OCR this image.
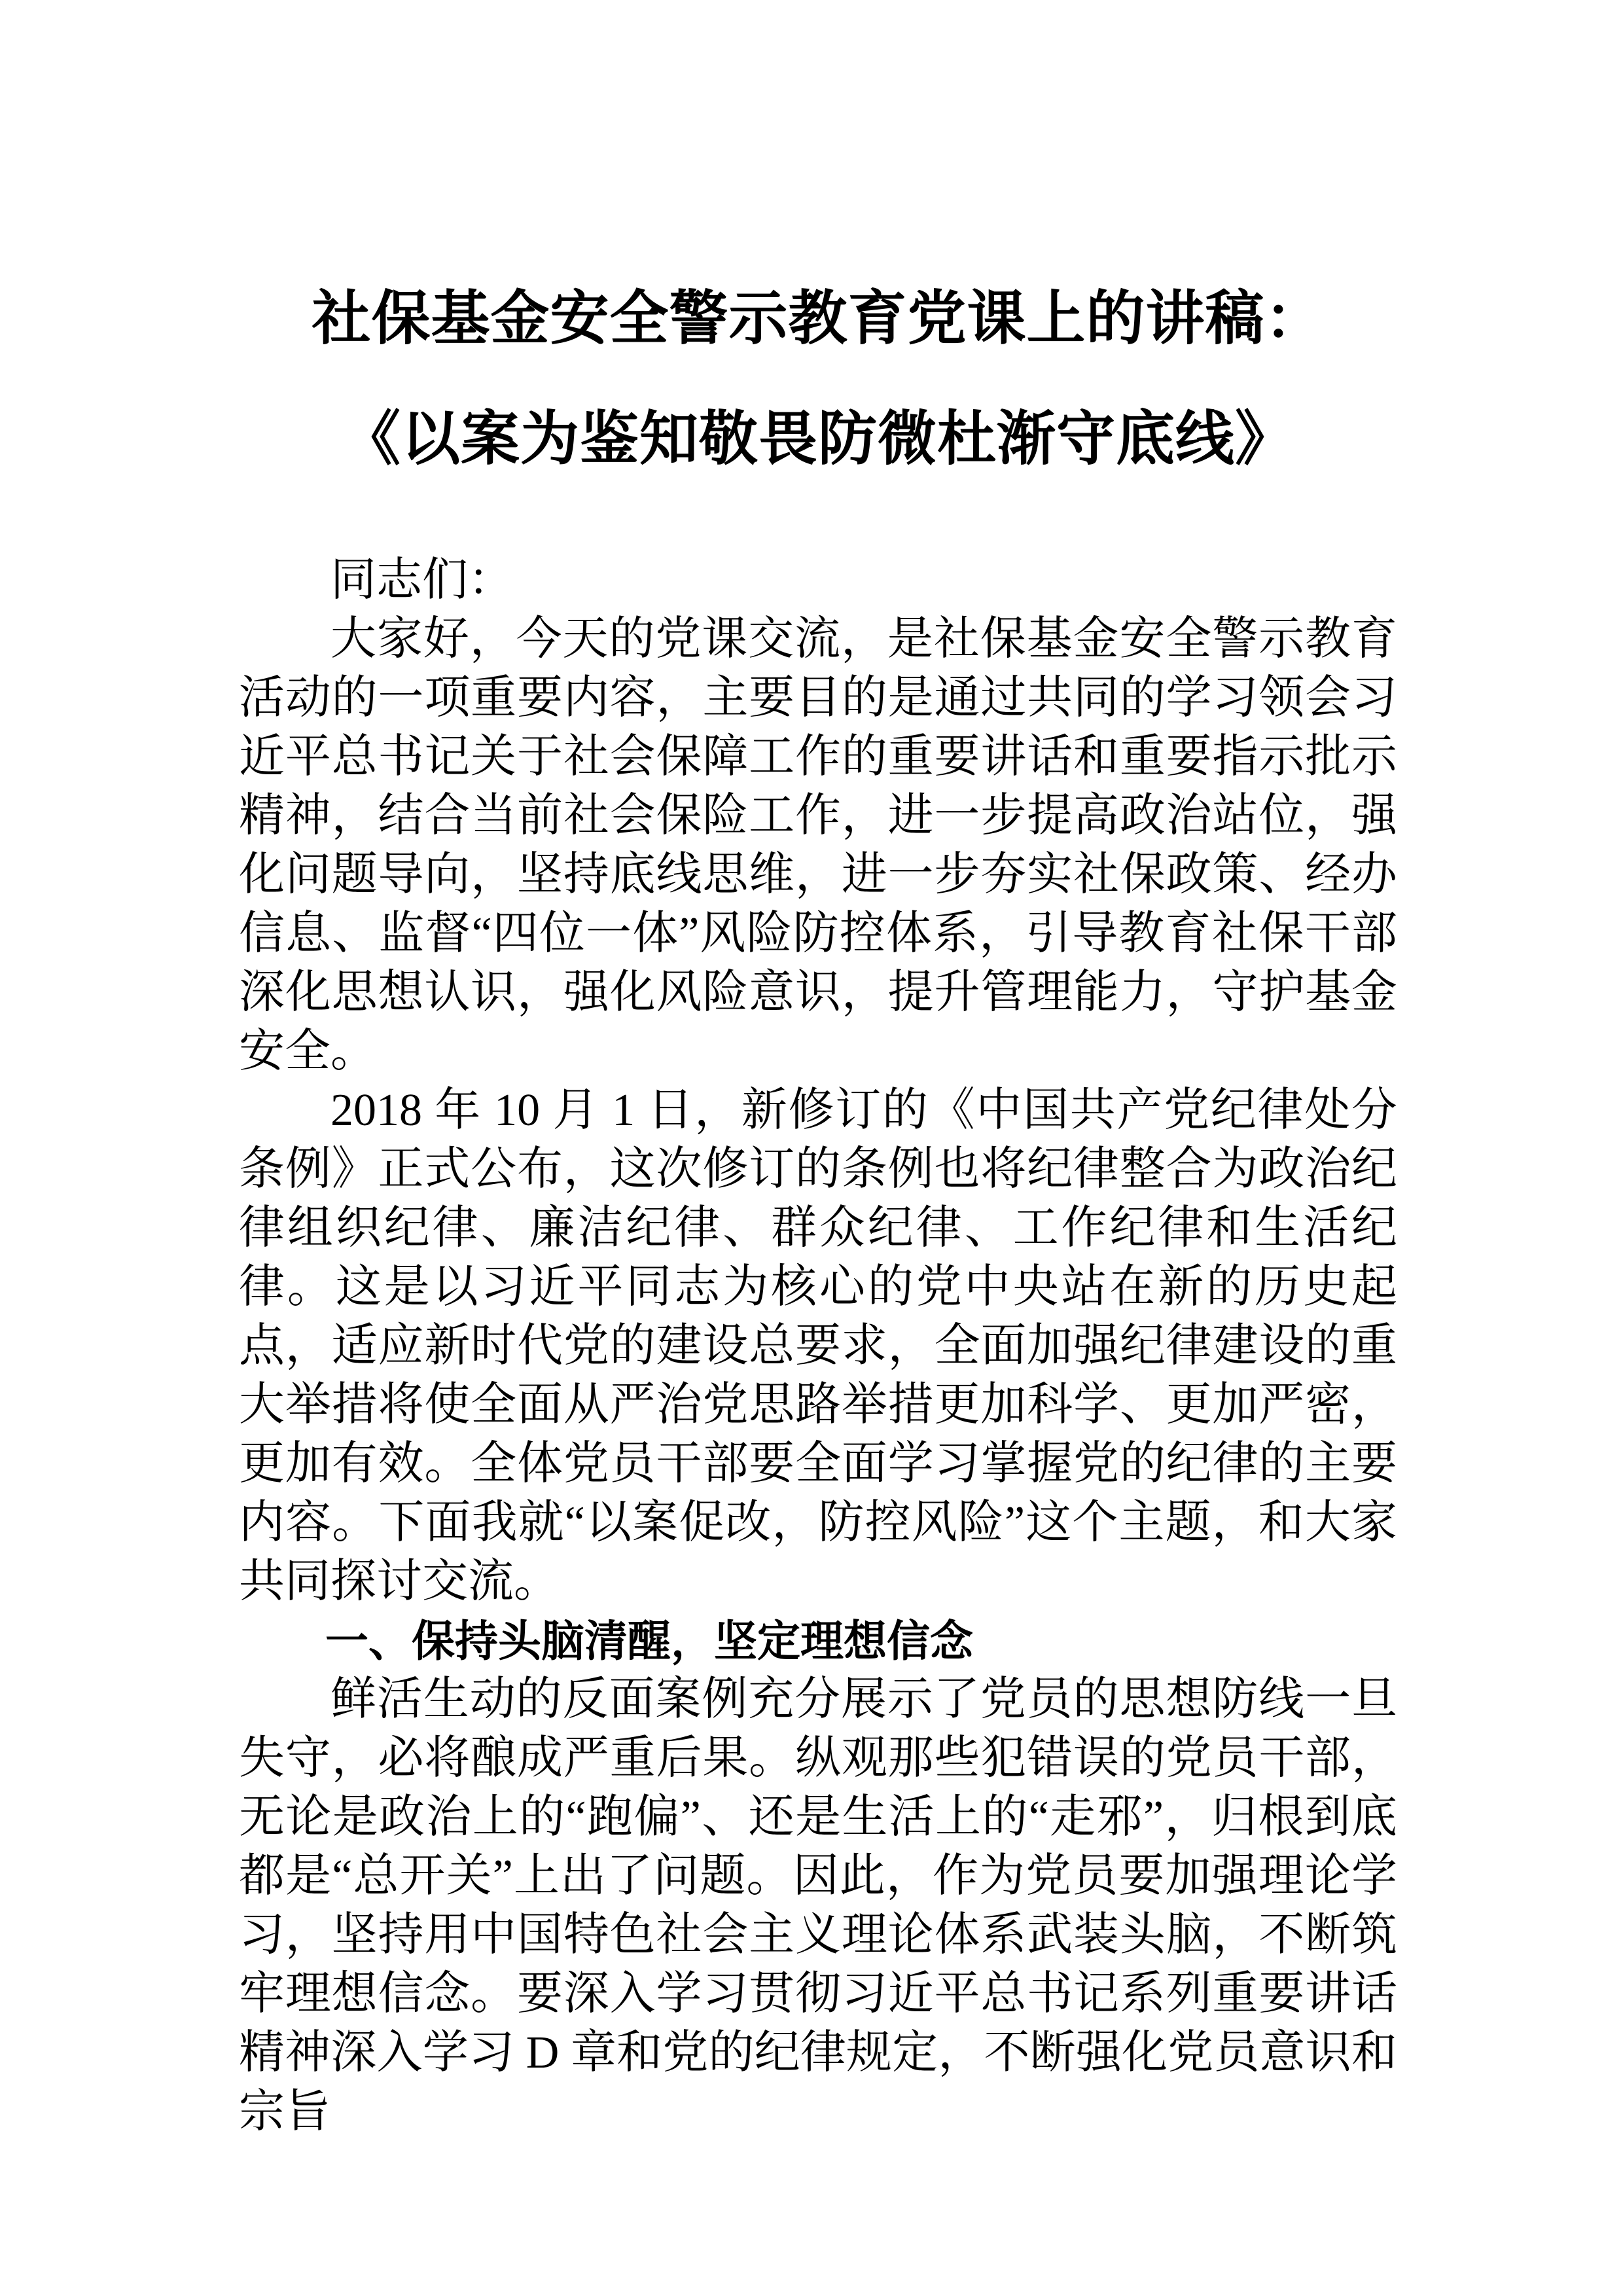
社保基金安全警示教育党课上的讲稿：
《以案为鉴知敬畏防微杜渐守底线》

同志们：

大家好，今天的党课交流，是社保基金安全警示教育活动的一项重要内容，主要目的是通过共同的学习领会习近平总书记关于社会保障工作的重要讲话和重要指示批示精神，结合当前社会保险工作，进一步提高政治站位，强化问题导向，坚持底线思维，进一步夯实社保政策、经办信息、监督“四位一体”风险防控体系，引导教育社保干部深化思想认识，强化风险意识，提升管理能力，守护基金安全。

2018 年 10 月 1 日，新修订的《中国共产党纪律处分条例》正式公布，这次修订的条例也将纪律整合为政治纪律组织纪律、廉洁纪律、群众纪律、工作纪律和生活纪律。这是以习近平同志为核心的党中央站在新的历史起点，适应新时代党的建设总要求，全面加强纪律建设的重大举措将使全面从严治党思路举措更加科学、更加严密，更加有效。全体党员干部要全面学习掌握党的纪律的主要内容。下面我就“以案促改，防控风险”这个主题，和大家共同探讨交流。

一、保持头脑清醒，坚定理想信念

鲜活生动的反面案例充分展示了党员的思想防线一旦失守，必将酿成严重后果。纵观那些犯错误的党员干部，无论是政治上的“跑偏”、还是生活上的“走邪”，归根到底都是“总开关”上出了问题。因此，作为党员要加强理论学习，坚持用中国特色社会主义理论体系武装头脑，不断筑牢理想信念。要深入学习贯彻习近平总书记系列重要讲话精神深入学习 D 章和党的纪律规定，不断强化党员意识和宗旨
